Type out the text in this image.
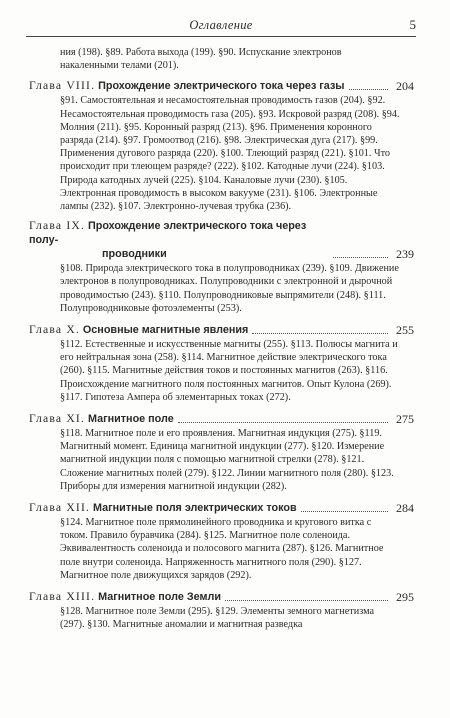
Оглавление	5
ния (198). §89. Работа выхода (199). §90. Испускание электронов накаленными телами (201).
Глава VIII. Прохождение электрического тока через газы	204
§91. Самостоятельная и несамостоятельная проводимость газов (204). §92. Несамостоятельная проводимость газа (205). §93. Искровой разряд (208). §94. Молния (211). §95. Коронный разряд (213). §96. Применения коронного разряда (214). §97. Громоотвод (216). §98. Электрическая дуга (217). §99. Применения дугового разряда (220). §100. Тлеющий разряд (221). §101. Что происходит при тлеющем разряде? (222). §102. Катодные лучи (224). §103. Природа катодных лучей (225). §104. Каналовые лучи (230). §105. Электронная проводимость в высоком вакууме (231). §106. Электронные лампы (232). §107. Электронно-лучевая трубка (236).
Глава IX. Прохождение электрического тока через полу-
проводники	239
§108. Природа электрического тока в полупроводниках (239). §109. Движение электронов в полупроводниках. Полупроводники с электронной и дырочной проводимостью (243). §110. Полупроводниковые выпрямители (248). §111. Полупроводниковые фотоэлементы (253).
Глава X. Основные магнитные явления	255
§112. Естественные и искусственные магниты (255). §113. Полюсы магнита и его нейтральная зона (258). §114. Магнитное действие электрического тока (260). §115. Магнитные действия токов и постоянных магнитов (263). §116. Происхождение магнитного поля постоянных магнитов. Опыт Кулона (269). §117. Гипотеза Ампера об элементарных токах (272).
Глава XI. Магнитное поле	275
§118. Магнитное поле и его проявления. Магнитная индукция (275). §119. Магнитный момент. Единица магнитной индукции (277). §120. Измерение магнитной индукции поля с помощью магнитной стрелки (278). §121. Сложение магнитных полей (279). §122. Линии магнитного поля (280). §123. Приборы для измерения магнитной индукции (282).
Глава XII. Магнитные поля электрических токов	284
§124. Магнитное поле прямолинейного проводника и кругового витка с током. Правило буравчика (284). §125. Магнитное поле соленоида. Эквивалентность соленоида и полосового магнита (287). §126. Магнитное поле внутри соленоида. Напряженность магнитного поля (290). §127. Магнитное поле движущихся зарядов (292).
Глава XIII. Магнитное поле Земли	295
§128. Магнитное поле Земли (295). §129. Элементы земного магнетизма (297). §130. Магнитные аномалии и магнитная разведка
